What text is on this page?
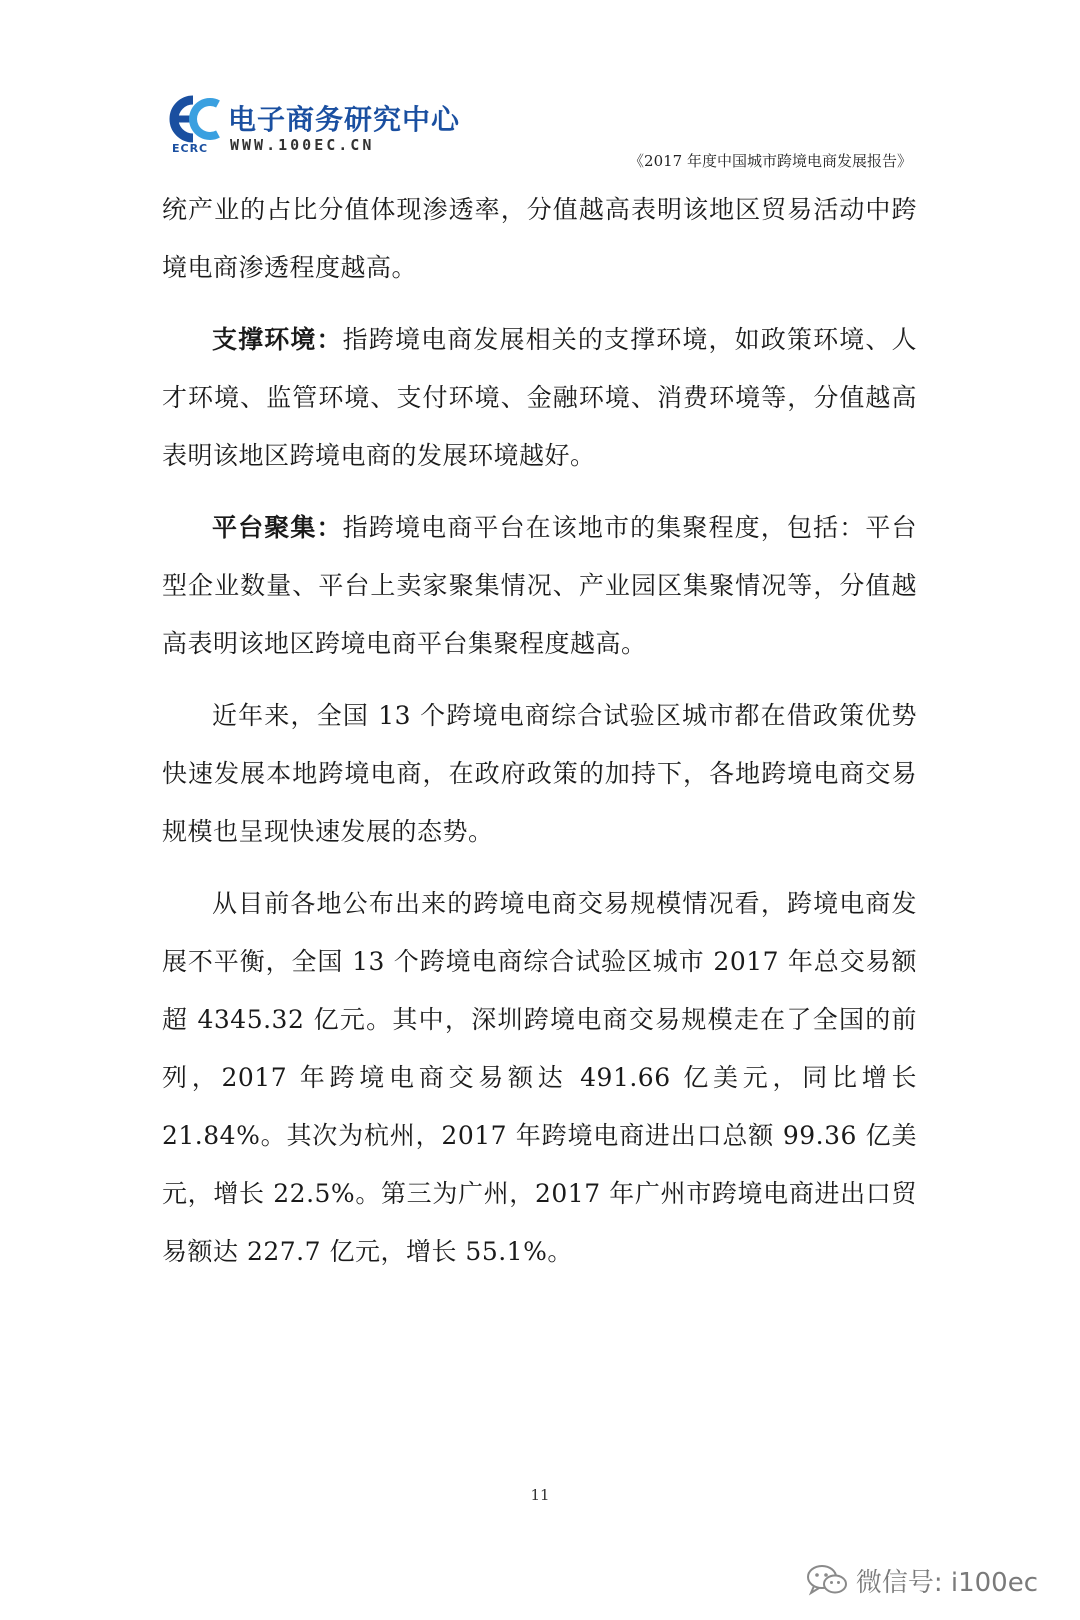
ECRC
电子商务研究中心
WWW.100EC.CN
《2017 年度中国城市跨境电商发展报告》

统产业的占比分值体现渗透率，分值越高表明该地区贸易活动中跨境电商渗透程度越高。

支撑环境：指跨境电商发展相关的支撑环境，如政策环境、人才环境、监管环境、支付环境、金融环境、消费环境等，分值越高表明该地区跨境电商的发展环境越好。

平台聚集：指跨境电商平台在该地市的集聚程度，包括：平台型企业数量、平台上卖家聚集情况、产业园区集聚情况等，分值越高表明该地区跨境电商平台集聚程度越高。

近年来，全国 13 个跨境电商综合试验区城市都在借政策优势快速发展本地跨境电商，在政府政策的加持下，各地跨境电商交易规模也呈现快速发展的态势。

从目前各地公布出来的跨境电商交易规模情况看，跨境电商发展不平衡，全国 13 个跨境电商综合试验区城市 2017 年总交易额超 4345.32 亿元。其中，深圳跨境电商交易规模走在了全国的前列，2017 年跨境电商交易额达 491.66 亿美元，同比增长 21.84%。其次为杭州，2017 年跨境电商进出口总额 99.36 亿美元，增长 22.5%。第三为广州，2017 年广州市跨境电商进出口贸易额达 227.7 亿元，增长 55.1%。

11
微信号: i100ec
